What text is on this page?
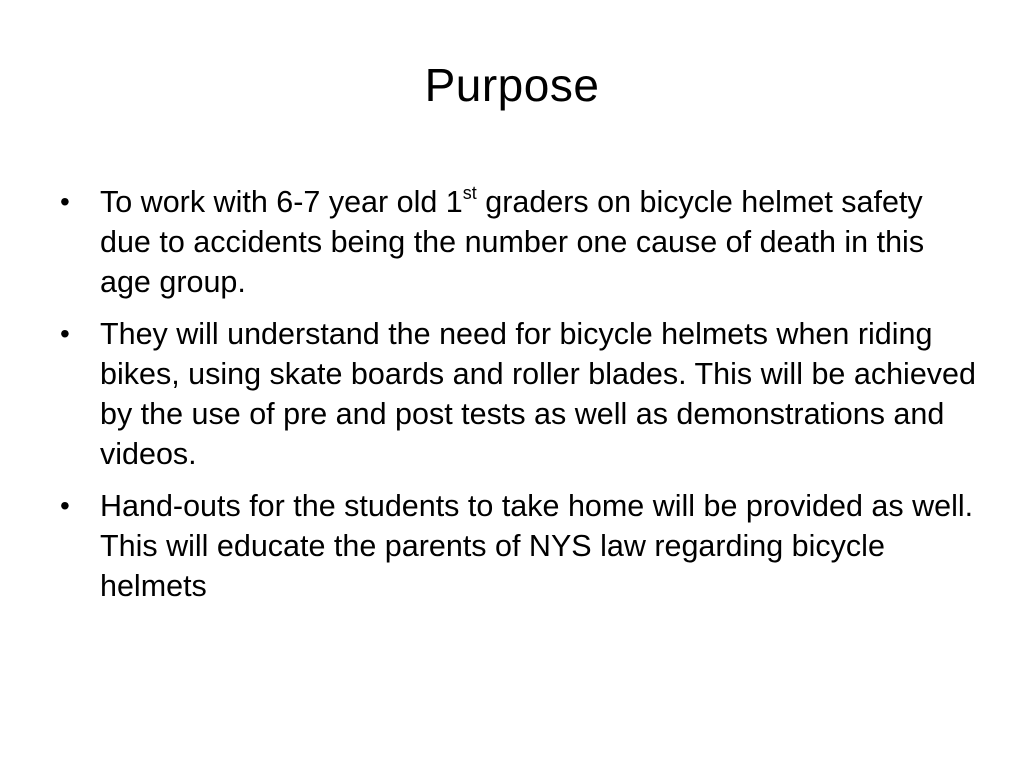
Purpose
• To work with 6-7 year old 1st graders on bicycle helmet safety due to accidents being the number one cause of death in this age group.
• They will understand the need for bicycle helmets when riding bikes, using skate boards and roller blades. This will be achieved by the use of pre and post tests as well as demonstrations and videos.
• Hand-outs for the students to take home will be provided as well. This will educate the parents of NYS law regarding bicycle helmets
